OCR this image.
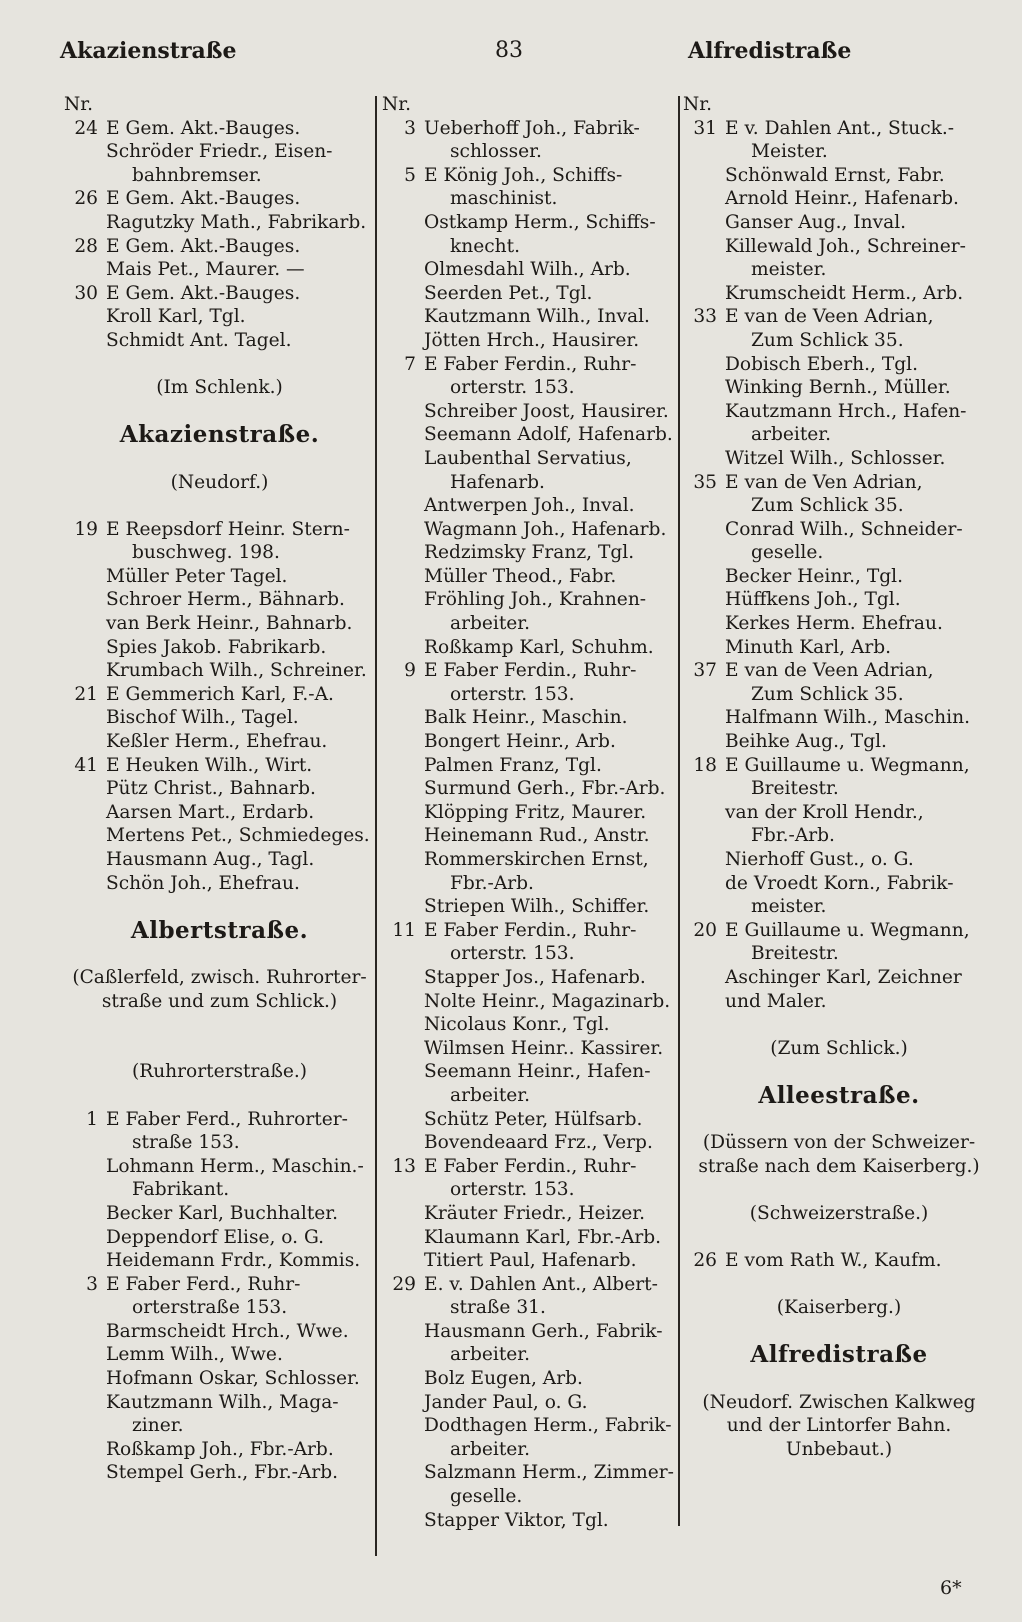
Akazienstraße	83	Alfredistraße
Nr.
24 E Gem. Akt.-Bauges.
Schröder Friedr., Eisen-
bahnbremser.
26 E Gem. Akt.-Bauges.
Ragutzky Math., Fabrikarb.
28 E Gem. Akt.-Bauges.
Mais Pet., Maurer. —
30 E Gem. Akt.-Bauges.
Kroll Karl, Tgl.
Schmidt Ant. Tagel.
(Im Schlenk.)
Akazienstraße.
(Neudorf.)
19 E Reepsdorf Heinr. Stern-
buschweg. 198.
Müller Peter Tagel.
Schroer Herm., Bähnarb.
van Berk Heinr., Bahnarb.
Spies Jakob. Fabrikarb.
Krumbach Wilh., Schreiner.
21 E Gemmerich Karl, F.-A.
Bischof Wilh., Tagel.
Keßler Herm., Ehefrau.
41 E Heuken Wilh., Wirt.
Pütz Christ., Bahnarb.
Aarsen Mart., Erdarb.
Mertens Pet., Schmiedeges.
Hausmann Aug., Tagl.
Schön Joh., Ehefrau.
Albertstraße.
(Caßlerfeld, zwisch. Ruhrorter-
straße und zum Schlick.)
(Ruhrorterstraße.)
1 E Faber Ferd., Ruhrorter-
straße 153.
Lohmann Herm., Maschin.-
Fabrikant.
Becker Karl, Buchhalter.
Deppendorf Elise, o. G.
Heidemann Frdr., Kommis.
3 E Faber Ferd., Ruhr-
orterstraße 153.
Barmscheidt Hrch., Wwe.
Lemm Wilh., Wwe.
Hofmann Oskar, Schlosser.
Kautzmann Wilh., Maga-
ziner.
Roßkamp Joh., Fbr.-Arb.
Stempel Gerh., Fbr.-Arb.
Nr.
3 Ueberhoff Joh., Fabrik-
schlosser.
5 E König Joh., Schiffs-
maschinist.
Ostkamp Herm., Schiffs-
knecht.
Olmesdahl Wilh., Arb.
Seerden Pet., Tgl.
Kautzmann Wilh., Inval.
Jötten Hrch., Hausirer.
7 E Faber Ferdin., Ruhr-
orterstr. 153.
Schreiber Joost, Hausirer.
Seemann Adolf, Hafenarb.
Laubenthal Servatius,
Hafenarb.
Antwerpen Joh., Inval.
Wagmann Joh., Hafenarb.
Redzimsky Franz, Tgl.
Müller Theod., Fabr.
Fröhling Joh., Krahnen-
arbeiter.
Roßkamp Karl, Schuhm.
9 E Faber Ferdin., Ruhr-
orterstr. 153.
Balk Heinr., Maschin.
Bongert Heinr., Arb.
Palmen Franz, Tgl.
Surmund Gerh., Fbr.-Arb.
Klöpping Fritz, Maurer.
Heinemann Rud., Anstr.
Rommerskirchen Ernst,
Fbr.-Arb.
Striepen Wilh., Schiffer.
11 E Faber Ferdin., Ruhr-
orterstr. 153.
Stapper Jos., Hafenarb.
Nolte Heinr., Magazinarb.
Nicolaus Konr., Tgl.
Wilmsen Heinr.. Kassirer.
Seemann Heinr., Hafen-
arbeiter.
Schütz Peter, Hülfsarb.
Bovendeaard Frz., Verp.
13 E Faber Ferdin., Ruhr-
orterstr. 153.
Kräuter Friedr., Heizer.
Klaumann Karl, Fbr.-Arb.
Titiert Paul, Hafenarb.
29 E. v. Dahlen Ant., Albert-
straße 31.
Hausmann Gerh., Fabrik-
arbeiter.
Bolz Eugen, Arb.
Jander Paul, o. G.
Dodthagen Herm., Fabrik-
arbeiter.
Salzmann Herm., Zimmer-
geselle.
Stapper Viktor, Tgl.
Nr.
31 E v. Dahlen Ant., Stuck.-
Meister.
Schönwald Ernst, Fabr.
Arnold Heinr., Hafenarb.
Ganser Aug., Inval.
Killewald Joh., Schreiner-
meister.
Krumscheidt Herm., Arb.
33 E van de Veen Adrian,
Zum Schlick 35.
Dobisch Eberh., Tgl.
Winking Bernh., Müller.
Kautzmann Hrch., Hafen-
arbeiter.
Witzel Wilh., Schlosser.
35 E van de Ven Adrian,
Zum Schlick 35.
Conrad Wilh., Schneider-
geselle.
Becker Heinr., Tgl.
Hüffkens Joh., Tgl.
Kerkes Herm. Ehefrau.
Minuth Karl, Arb.
37 E van de Veen Adrian,
Zum Schlick 35.
Halfmann Wilh., Maschin.
Beihke Aug., Tgl.
18 E Guillaume u. Wegmann,
Breitestr.
van der Kroll Hendr.,
Fbr.-Arb.
Nierhoff Gust., o. G.
de Vroedt Korn., Fabrik-
meister.
20 E Guillaume u. Wegmann,
Breitestr.
Aschinger Karl, Zeichner
und Maler.
(Zum Schlick.)
Alleestraße.
(Düssern von der Schweizer-
straße nach dem Kaiserberg.)
(Schweizerstraße.)
26 E vom Rath W., Kaufm.
(Kaiserberg.)
Alfredistraße
(Neudorf. Zwischen Kalkweg
und der Lintorfer Bahn.
Unbebaut.)
6*
